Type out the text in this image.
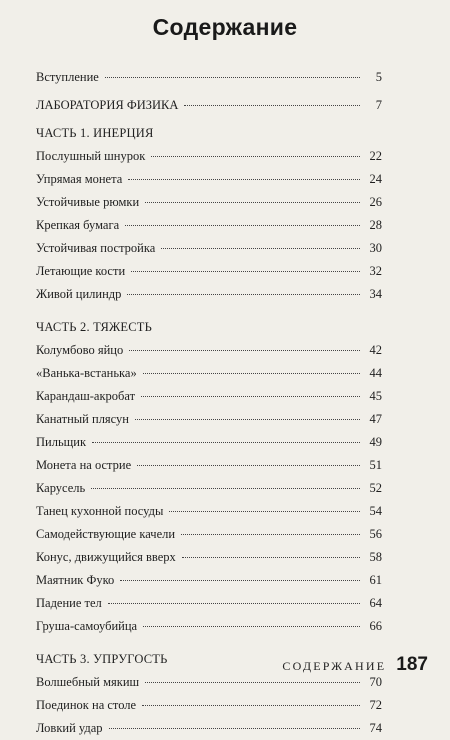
Содержание
Вступление	5
ЛАБОРАТОРИЯ ФИЗИКА	7
ЧАСТЬ 1. ИНЕРЦИЯ
Послушный шнурок	22
Упрямая монета	24
Устойчивые рюмки	26
Крепкая бумага	28
Устойчивая постройка	30
Летающие кости	32
Живой цилиндр	34
ЧАСТЬ 2. ТЯЖЕСТЬ
Колумбово яйцо	42
«Ванька-встанька»	44
Карандаш-акробат	45
Канатный плясун	47
Пильщик	49
Монета на острие	51
Карусель	52
Танец кухонной посуды	54
Самодействующие качели	56
Конус, движущийся вверх	58
Маятник Фуко	61
Падение тел	64
Груша-самоубийца	66
ЧАСТЬ 3. УПРУГОСТЬ
Волшебный мякиш	70
Поединок на столе	72
Ловкий удар	74
СОДЕРЖАНИЕ 187
